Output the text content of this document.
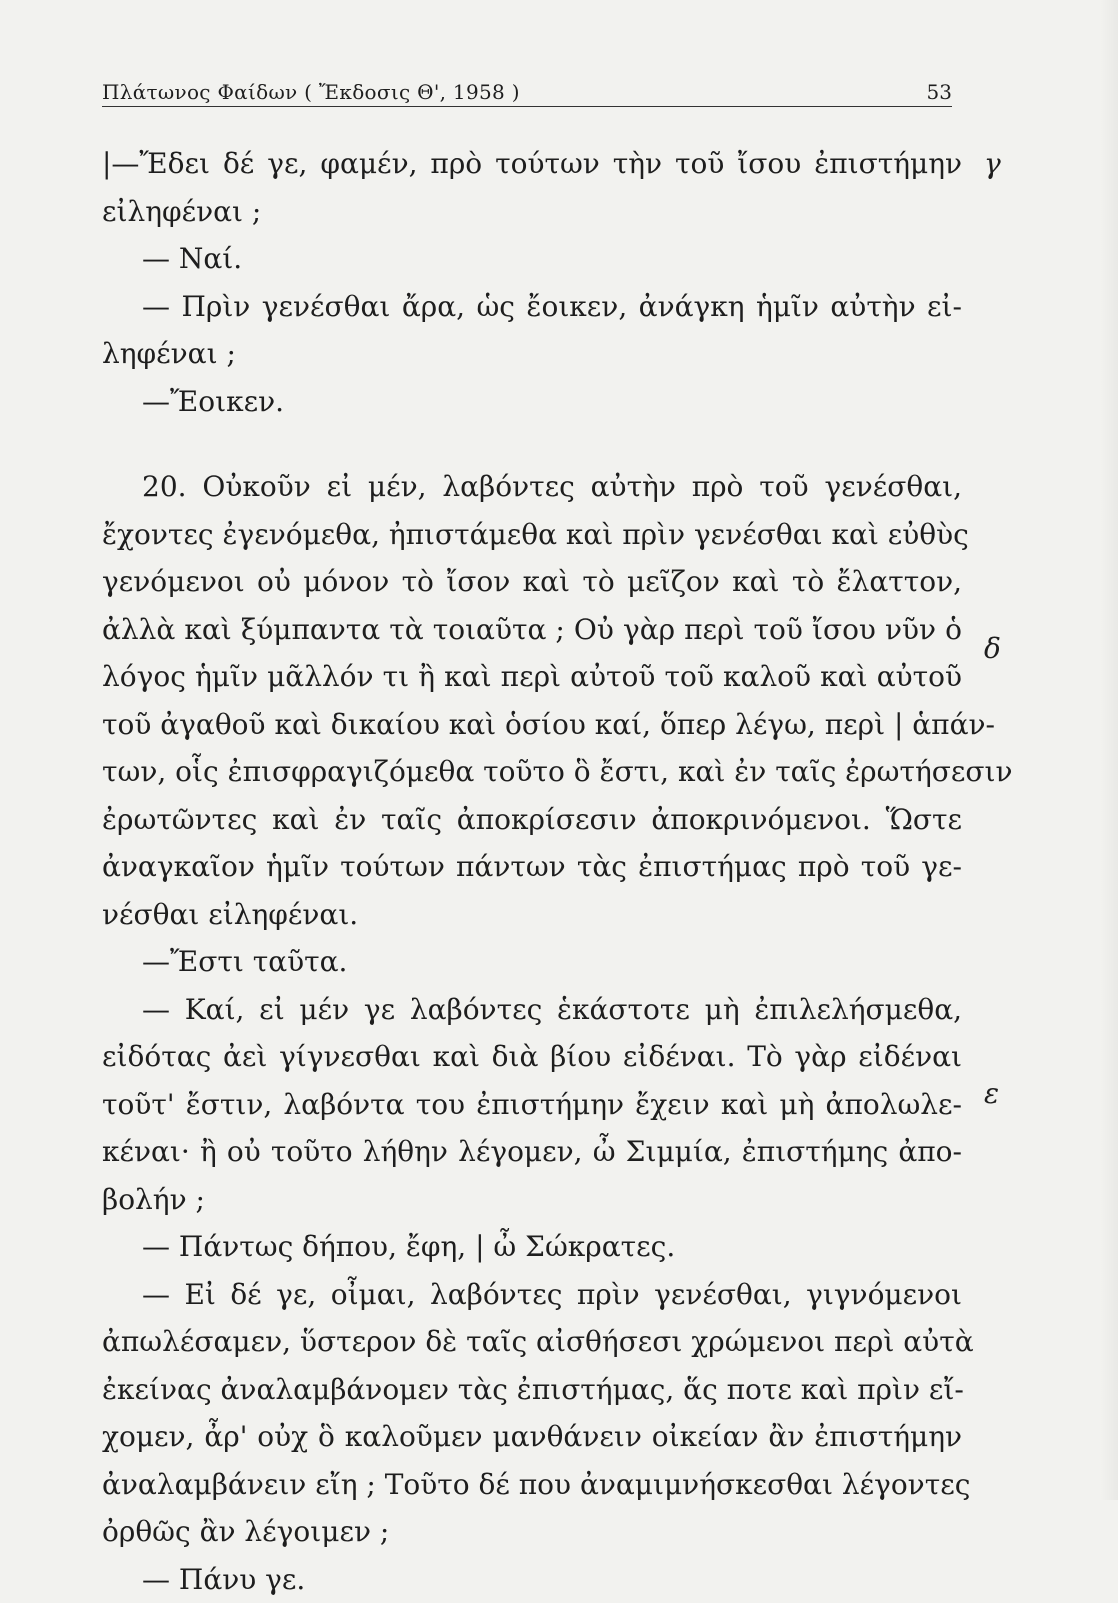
Πλάτωνος Φαίδων ( Ἔκδοσις Θ', 1958 )	53
γ
δ
ε
|—Ἔδει δέ γε, φαμέν, πρὸ τούτων τὴν τοῦ ἴσου ἐπιστήμην
εἰληφέναι ;
— Ναί.
— Πρὶν γενέσθαι ἄρα, ὡς ἔοικεν, ἀνάγκη ἡμῖν αὐτὴν εἰ-
ληφέναι ;
—Ἔοικεν.
20. Οὐκοῦν εἰ μέν, λαβόντες αὐτὴν πρὸ τοῦ γενέσθαι,
ἔχοντες ἐγενόμεθα, ἠπιστάμεθα καὶ πρὶν γενέσθαι καὶ εὐθὺς
γενόμενοι οὐ μόνον τὸ ἴσον καὶ τὸ μεῖζον καὶ τὸ ἔλαττον,
ἀλλὰ καὶ ξύμπαντα τὰ τοιαῦτα ; Οὐ γὰρ περὶ τοῦ ἴσου νῦν ὁ
λόγος ἡμῖν μᾶλλόν τι ἢ καὶ περὶ αὐτοῦ τοῦ καλοῦ καὶ αὐτοῦ
τοῦ ἀγαθοῦ καὶ δικαίου καὶ ὁσίου καί, ὅπερ λέγω, περὶ | ἁπάν-
των, οἷς ἐπισφραγιζόμεθα τοῦτο ὃ ἔστι, καὶ ἐν ταῖς ἐρωτήσεσιν
ἐρωτῶντες καὶ ἐν ταῖς ἀποκρίσεσιν ἀποκρινόμενοι. Ὥστε
ἀναγκαῖον ἡμῖν τούτων πάντων τὰς ἐπιστήμας πρὸ τοῦ γε-
νέσθαι εἰληφέναι.
—Ἔστι ταῦτα.
— Καί, εἰ μέν γε λαβόντες ἑκάστοτε μὴ ἐπιλελήσμεθα,
εἰδότας ἀεὶ γίγνεσθαι καὶ διὰ βίου εἰδέναι. Τὸ γὰρ εἰδέναι
τοῦτ' ἔστιν, λαβόντα του ἐπιστήμην ἔχειν καὶ μὴ ἀπολωλε-
κέναι· ἢ οὐ τοῦτο λήθην λέγομεν, ὦ Σιμμία, ἐπιστήμης ἀπο-
βολήν ;
— Πάντως δήπου, ἔφη, | ὦ Σώκρατες.
— Εἰ δέ γε, οἶμαι, λαβόντες πρὶν γενέσθαι, γιγνόμενοι
ἀπωλέσαμεν, ὕστερον δὲ ταῖς αἰσθήσεσι χρώμενοι περὶ αὐτὰ
ἐκείνας ἀναλαμβάνομεν τὰς ἐπιστήμας, ἅς ποτε καὶ πρὶν εἴ-
χομεν, ἆρ' οὐχ ὃ καλοῦμεν μανθάνειν οἰκείαν ἂν ἐπιστήμην
ἀναλαμβάνειν εἴη ; Τοῦτο δέ που ἀναμιμνήσκεσθαι λέγοντες
ὀρθῶς ἂν λέγοιμεν ;
— Πάνυ γε.
